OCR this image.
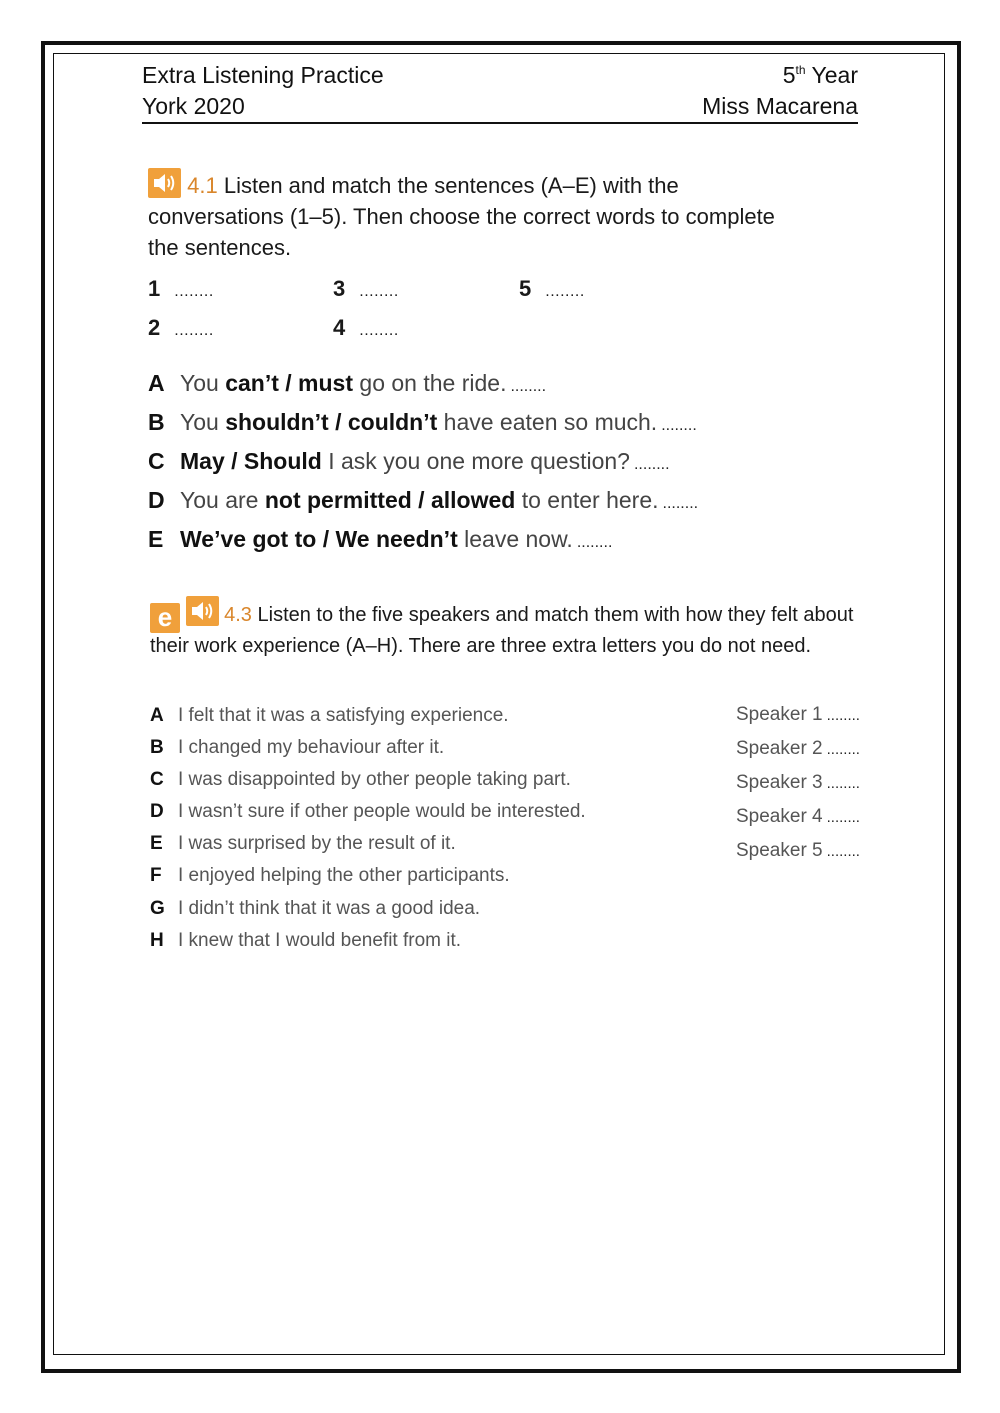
Extra Listening Practice
York 2020
5th Year
Miss Macarena
4.1 Listen and match the sentences (A–E) with the conversations (1–5). Then choose the correct words to complete the sentences.
1 ........
2 ........
3 ........
4 ........
5 ........
A You can’t / must go on the ride. ........
B You shouldn’t / couldn’t have eaten so much. ........
C May / Should I ask you one more question? ........
D You are not permitted / allowed to enter here. ........
E We’ve got to / We needn’t leave now. ........
e	4.3 Listen to the five speakers and match them with how they felt about their work experience (A–H). There are three extra letters you do not need.
A I felt that it was a satisfying experience.
B I changed my behaviour after it.
C I was disappointed by other people taking part.
D I wasn’t sure if other people would be interested.
E I was surprised by the result of it.
F I enjoyed helping the other participants.
G I didn’t think that it was a good idea.
H I knew that I would benefit from it.
Speaker 1 ........
Speaker 2 ........
Speaker 3 ........
Speaker 4 ........
Speaker 5 ........
